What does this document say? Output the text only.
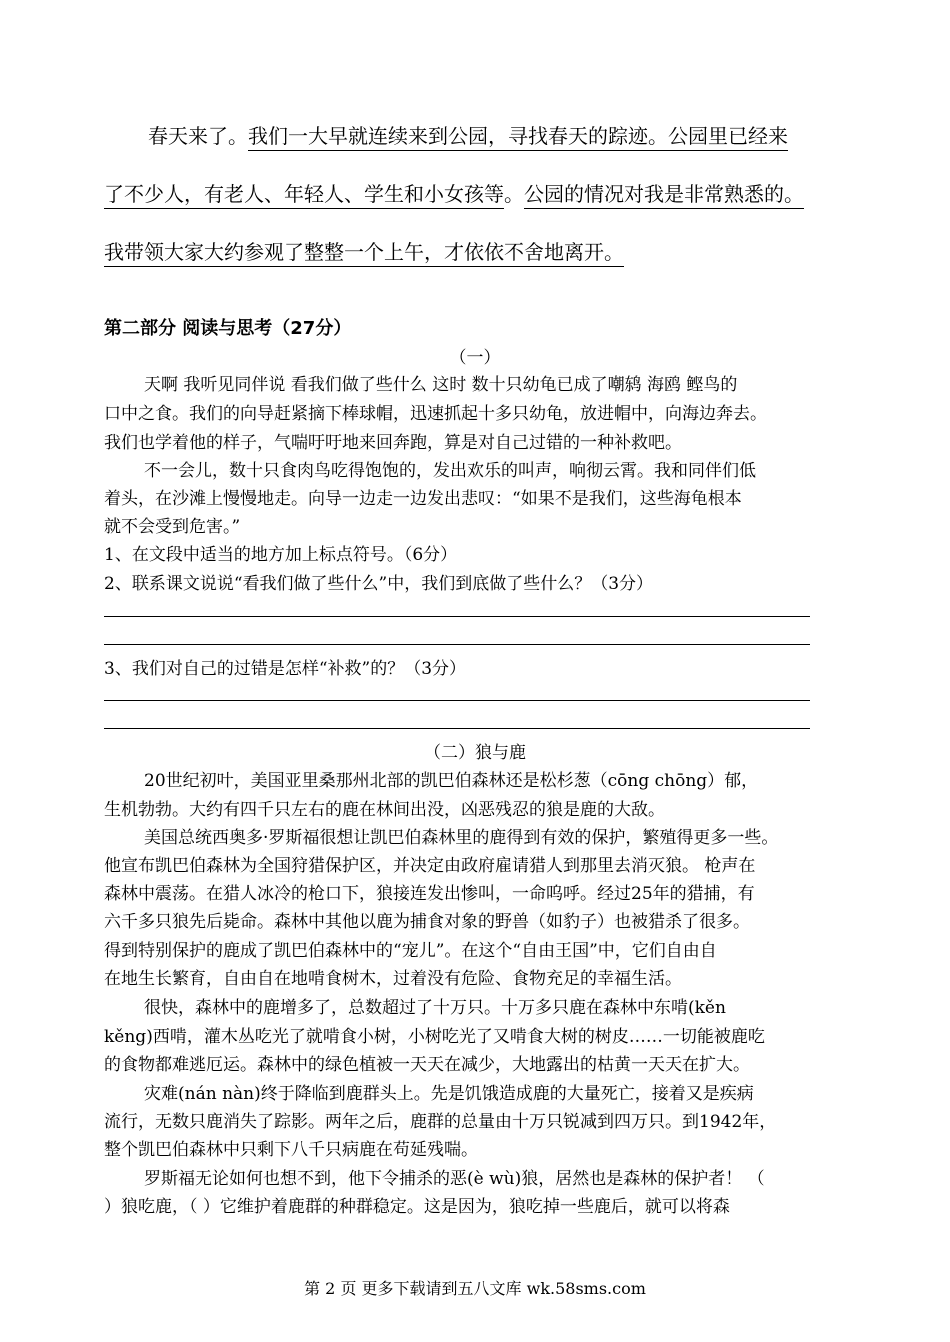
春天来了。我们一大早就连续来到公园，寻找春天的踪迹。公园里已经来
了不少人，有老人、年轻人、学生和小女孩等。公园的情况对我是非常熟悉的。
我带领大家大约参观了整整一个上午，才依依不舍地离开。
第二部分 阅读与思考（27分）
（一）
天啊 我听见同伴说 看我们做了些什么 这时 数十只幼龟已成了嘲鸫 海鸥 鲣鸟的
口中之食。我们的向导赶紧摘下棒球帽，迅速抓起十多只幼龟，放进帽中，向海边奔去。
我们也学着他的样子，气喘吁吁地来回奔跑，算是对自己过错的一种补救吧。
不一会儿，数十只食肉鸟吃得饱饱的，发出欢乐的叫声，响彻云霄。我和同伴们低
着头，在沙滩上慢慢地走。向导一边走一边发出悲叹：“如果不是我们，这些海龟根本
就不会受到危害。”
1、在文段中适当的地方加上标点符号。（6分）
2、联系课文说说“看我们做了些什么”中，我们到底做了些什么？（3分）
3、我们对自己的过错是怎样“补救”的？（3分）
（二）狼与鹿
20世纪初叶，美国亚里桑那州北部的凯巴伯森林还是松杉葱（cōng chōng）郁，
生机勃勃。大约有四千只左右的鹿在林间出没，凶恶残忍的狼是鹿的大敌。
美国总统西奥多·罗斯福很想让凯巴伯森林里的鹿得到有效的保护，繁殖得更多一些。
他宣布凯巴伯森林为全国狩猎保护区，并决定由政府雇请猎人到那里去消灭狼。 枪声在
森林中震荡。在猎人冰冷的枪口下，狼接连发出惨叫，一命呜呼。经过25年的猎捕，有
六千多只狼先后毙命。森林中其他以鹿为捕食对象的野兽（如豹子）也被猎杀了很多。
得到特别保护的鹿成了凯巴伯森林中的“宠儿”。在这个“自由王国”中，它们自由自
在地生长繁育，自由自在地啃食树木，过着没有危险、食物充足的幸福生活。
很快，森林中的鹿增多了，总数超过了十万只。十万多只鹿在森林中东啃(kěn
kěng)西啃，灌木丛吃光了就啃食小树，小树吃光了又啃食大树的树皮……一切能被鹿吃
的食物都难逃厄运。森林中的绿色植被一天天在减少，大地露出的枯黄一天天在扩大。
灾难(nán nàn)终于降临到鹿群头上。先是饥饿造成鹿的大量死亡，接着又是疾病
流行，无数只鹿消失了踪影。两年之后，鹿群的总量由十万只锐减到四万只。到1942年，
整个凯巴伯森林中只剩下八千只病鹿在苟延残喘。
罗斯福无论如何也想不到，他下令捕杀的恶(è wù)狼，居然也是森林的保护者！ （
）狼吃鹿，（ ）它维护着鹿群的种群稳定。这是因为，狼吃掉一些鹿后，就可以将森
第 2 页 更多下载请到五八文库 wk.58sms.com
